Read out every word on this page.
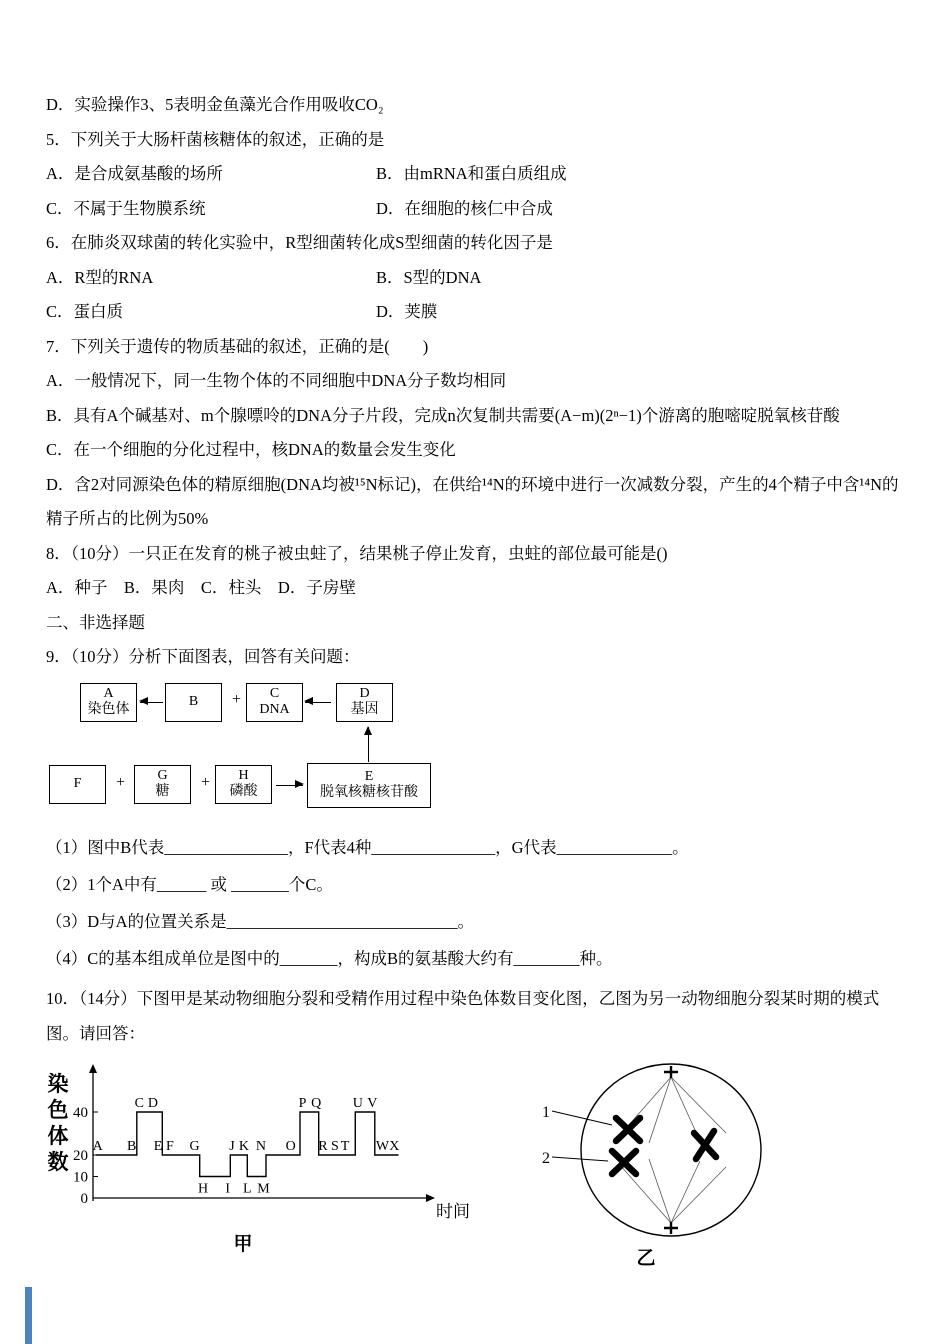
D．实验操作3、5表明金鱼藻光合作用吸收CO₂

5．下列关于大肠杆菌核糖体的叙述，正确的是

A．是合成氨基酸的场所	B．由mRNA和蛋白质组成
C．不属于生物膜系统	D．在细胞的核仁中合成

6．在肺炎双球菌的转化实验中，R型细菌转化成S型细菌的转化因子是

A．R型的RNA	B．S型的DNA
C．蛋白质	D．荚膜

7．下列关于遗传的物质基础的叙述，正确的是(　　)

A．一般情况下，同一生物个体的不同细胞中DNA分子数均相同

B．具有A个碱基对、m个腺嘌呤的DNA分子片段，完成n次复制共需要(A−m)(2ⁿ−1)个游离的胞嘧啶脱氧核苷酸

C．在一个细胞的分化过程中，核DNA的数量会发生变化

D．含2对同源染色体的精原细胞(DNA均被¹⁵N标记)，在供给¹⁴N的环境中进行一次减数分裂，产生的4个精子中含¹⁴N的精子所占的比例为50%

8．（10分）一只正在发育的桃子被虫蛀了，结果桃子停止发育，虫蛀的部位最可能是()

A．种子　B．果肉　C．柱头　D．子房壁

二、非选择题

9．（10分）分析下面图表，回答有关问题：

A
染色体
B + C
DNA
D
基因
F + G
糖
+ H
磷酸
E
脱氧核糖核苷酸

（1）图中B代表_______________，F代表4种_______________，G代表______________。

（2）1个A中有______ 或 _______个C。

（3）D与A的位置关系是____________________________。

（4）C的基本组成单位是图中的_______，构成B的氨基酸大约有________种。

10．（14分）下图甲是某动物细胞分裂和受精作用过程中染色体数目变化图，乙图为另一动物细胞分裂某时期的模式图。请回答：

0
10
20
40
染
色
体
数
A B
C D
E F G
H I
J K
L M
N O
P Q
R S T
U V
W X
时间
甲
1
2
乙
